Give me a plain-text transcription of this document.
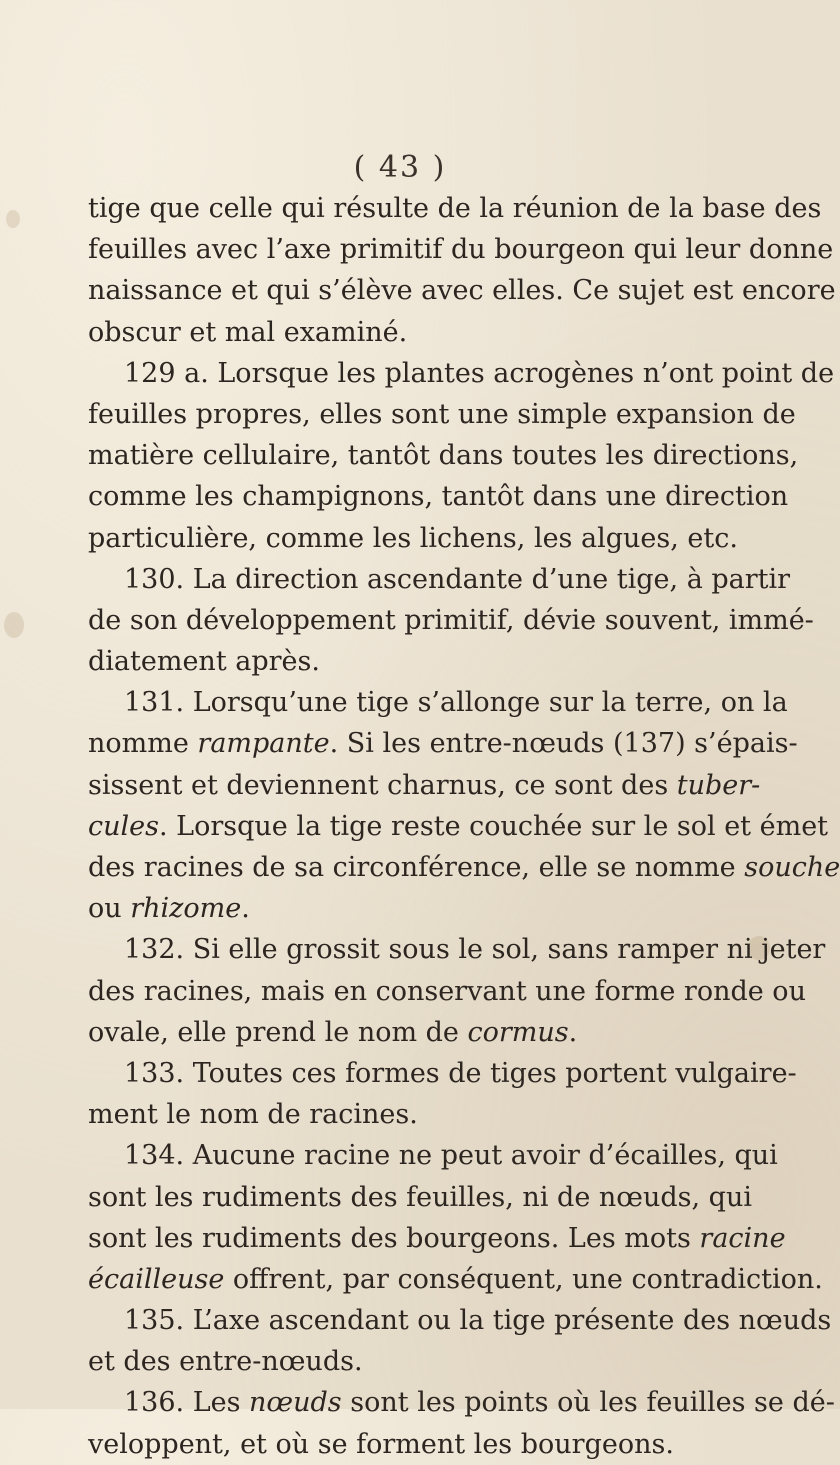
( 43 )
tige que celle qui résulte de la réunion de la base des
feuilles avec l’axe primitif du bourgeon qui leur donne
naissance et qui s’élève avec elles. Ce sujet est encore
obscur et mal examiné.
129 a. Lorsque les plantes acrogènes n’ont point de
feuilles propres, elles sont une simple expansion de
matière cellulaire, tantôt dans toutes les directions,
comme les champignons, tantôt dans une direction
particulière, comme les lichens, les algues, etc.
130. La direction ascendante d’une tige, à partir
de son développement primitif, dévie souvent, immé-
diatement après.
131. Lorsqu’une tige s’allonge sur la terre, on la
nomme rampante. Si les entre-nœuds (137) s’épais-
sissent et deviennent charnus, ce sont des tuber-
cules. Lorsque la tige reste couchée sur le sol et émet
des racines de sa circonférence, elle se nomme souche
ou rhizome.
132. Si elle grossit sous le sol, sans ramper ni jeter
des racines, mais en conservant une forme ronde ou
ovale, elle prend le nom de cormus.
133. Toutes ces formes de tiges portent vulgaire-
ment le nom de racines.
134. Aucune racine ne peut avoir d’écailles, qui
sont les rudiments des feuilles, ni de nœuds, qui
sont les rudiments des bourgeons. Les mots racine
écailleuse offrent, par conséquent, une contradiction.
135. L’axe ascendant ou la tige présente des nœuds
et des entre-nœuds.
136. Les nœuds sont les points où les feuilles se dé-
veloppent, et où se forment les bourgeons.
